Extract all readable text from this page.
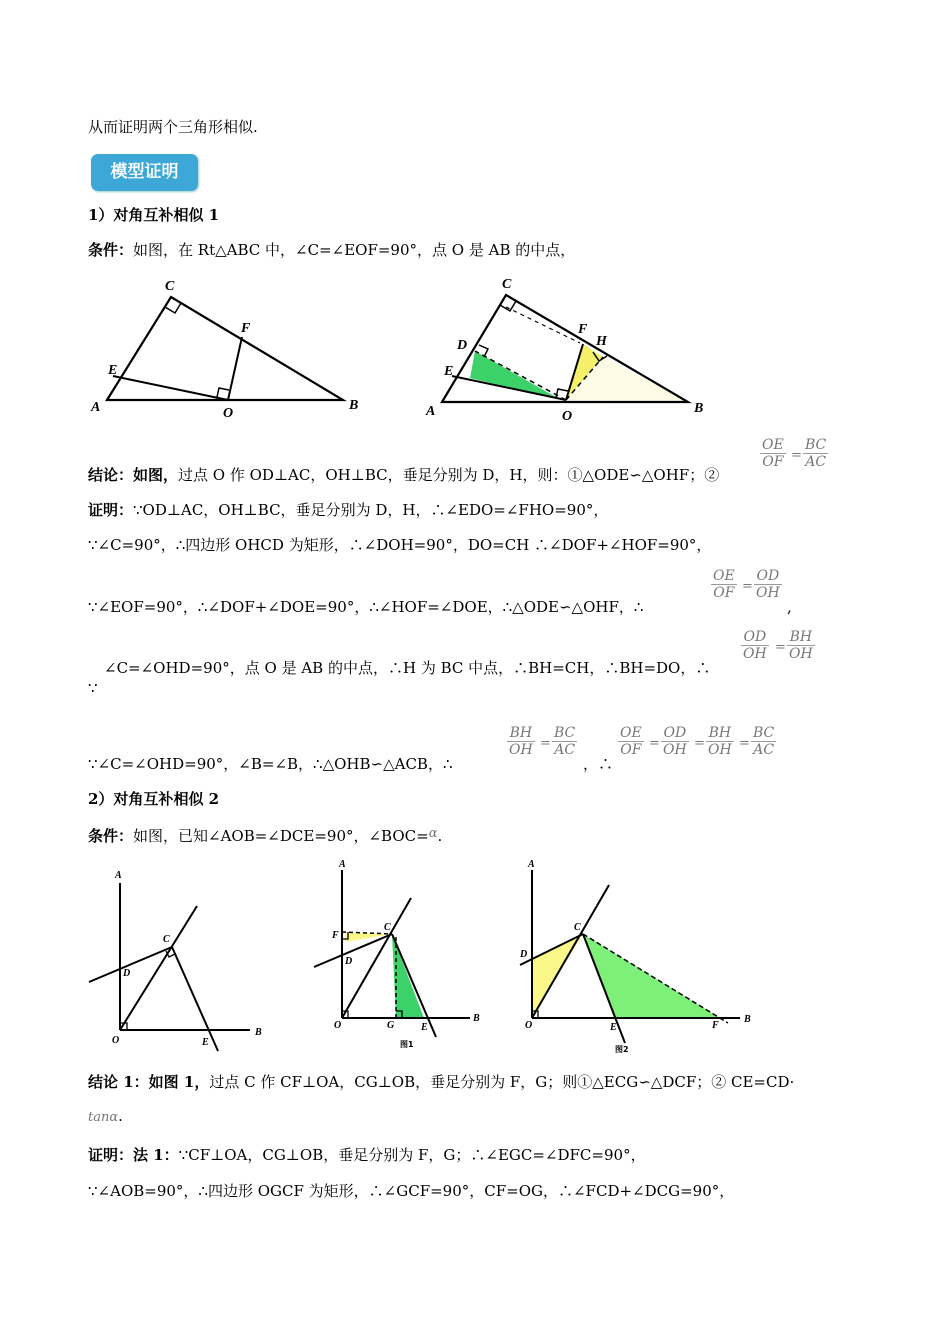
从而证明两个三角形相似.
模型证明
1）对角互补相似 1
条件：如图，在 Rt△ABC 中，∠C=∠EOF=90°，点 O 是 AB 的中点，
C
F
E
A	O
B
C
F
H
D
E
A	O
B
结论：如图，过点 O 作 OD⊥AC，OH⊥BC，垂足分别为 D，H，则：①△ODE∽△OHF；②
$\frac{OE}{OF} = \frac{BC}{AC}$
证明：∵OD⊥AC，OH⊥BC，垂足分别为 D，H，∴∠EDO=∠FHO=90°，
∵∠C=90°，∴四边形 OHCD 为矩形，∴∠DOH=90°，DO=CH ∴∠DOF+∠HOF=90°，
∵∠EOF=90°，∴∠DOF+∠DOE=90°，∴∠HOF=∠DOE，∴△ODE∽△OHF，∴
$\frac{OE}{OF} = \frac{OD}{OH}$
,
∠C=∠OHD=90°，点 O 是 AB 的中点，∴H 为 BC 中点，∴BH=CH，∴BH=DO，∴
∵
$\frac{OD}{OH} = \frac{BH}{OH}$
∵∠C=∠OHD=90°，∠B=∠B，∴△OHB∽△ACB，∴
$\frac{BH}{OH} = \frac{BC}{AC}$
，∴
$\frac{OE}{OF} = \frac{OD}{OH} = \frac{BH}{OH} = \frac{BC}{AC}$
2）对角互补相似 2
条件：如图，已知∠AOB=∠DCE=90°，∠BOC=α.
A
C
D
O	E
B
A
F
C
D
O	G	E
B
图1
A
C
D
O	E	F
B
图2
结论 1：如图 1，过点 C 作 CF⊥OA，CG⊥OB，垂足分别为 F，G；则①△ECG∽△DCF；② CE=CD·
tanα.
证明：法 1：∵CF⊥OA，CG⊥OB，垂足分别为 F，G；∴∠EGC=∠DFC=90°，
∵∠AOB=90°，∴四边形 OGCF 为矩形，∴∠GCF=90°，CF=OG，∴∠FCD+∠DCG=90°，
